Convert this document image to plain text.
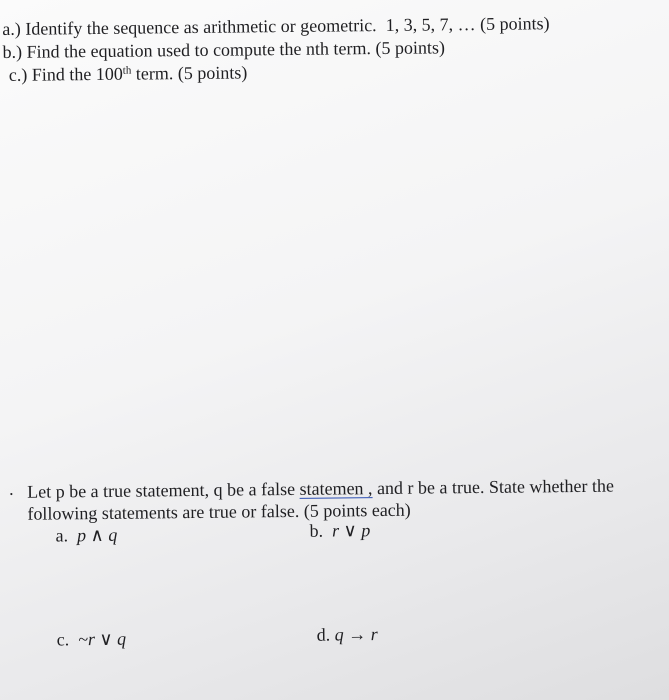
a.) Identify the sequence as arithmetic or geometric. 1, 3, 5, 7, … (5 points)
b.) Find the equation used to compute the nth term. (5 points)
c.) Find the 100th term. (5 points)
. Let p be a true statement, q be a false statemen , and r be a true. State whether the
following statements are true or false. (5 points each)
a. p ∧ q	b. r ∨ p
c. ~r ∨ q	d. q → r
